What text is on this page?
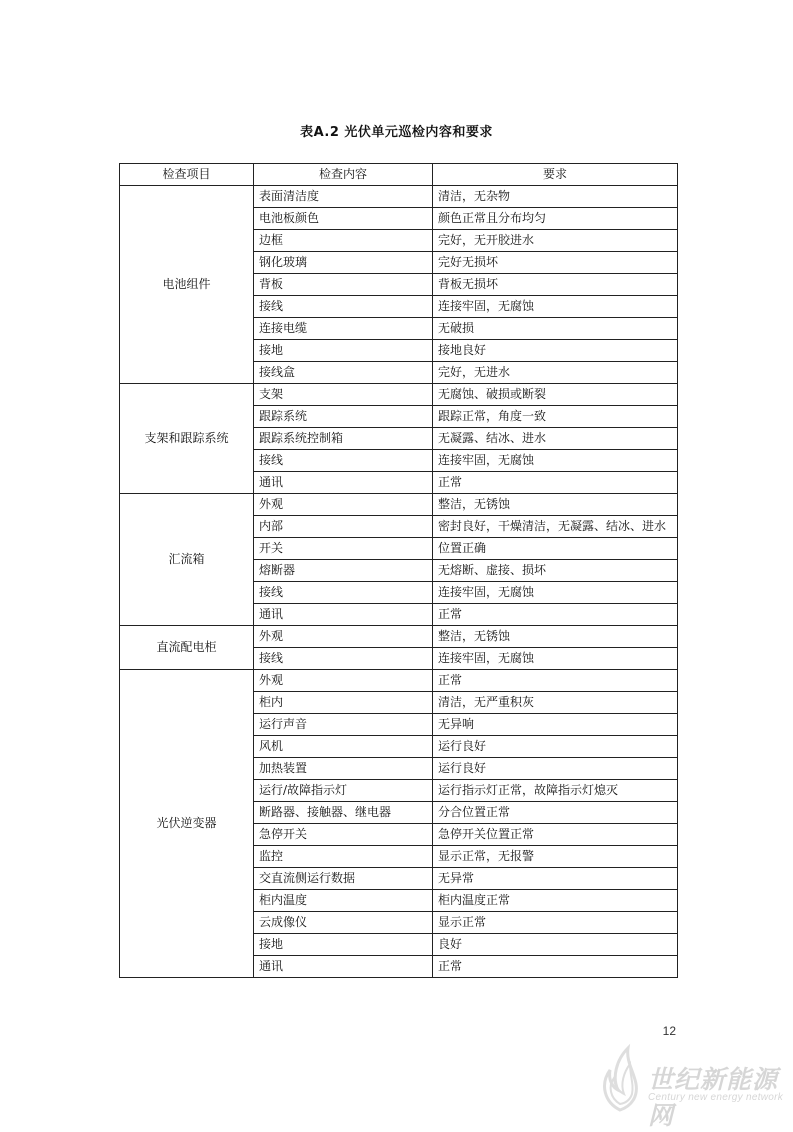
表A.2 光伏单元巡检内容和要求
检查项目	检查内容	要求
电池组件	表面清洁度	清洁，无杂物
	电池板颜色	颜色正常且分布均匀
	边框	完好，无开胶进水
	钢化玻璃	完好无损坏
	背板	背板无损坏
	接线	连接牢固，无腐蚀
	连接电缆	无破损
	接地	接地良好
	接线盒	完好，无进水
支架和跟踪系统	支架	无腐蚀、破损或断裂
	跟踪系统	跟踪正常，角度一致
	跟踪系统控制箱	无凝露、结冰、进水
	接线	连接牢固，无腐蚀
	通讯	正常
汇流箱	外观	整洁，无锈蚀
	内部	密封良好，干燥清洁，无凝露、结冰、进水
	开关	位置正确
	熔断器	无熔断、虚接、损坏
	接线	连接牢固，无腐蚀
	通讯	正常
直流配电柜	外观	整洁，无锈蚀
	接线	连接牢固，无腐蚀
光伏逆变器	外观	正常
	柜内	清洁，无严重积灰
	运行声音	无异响
	风机	运行良好
	加热装置	运行良好
	运行/故障指示灯	运行指示灯正常，故障指示灯熄灭
	断路器、接触器、继电器	分合位置正常
	急停开关	急停开关位置正常
	监控	显示正常，无报警
	交直流侧运行数据	无异常
	柜内温度	柜内温度正常
	云成像仪	显示正常
	接地	良好
	通讯	正常
12
世纪新能源网
Century new energy network
